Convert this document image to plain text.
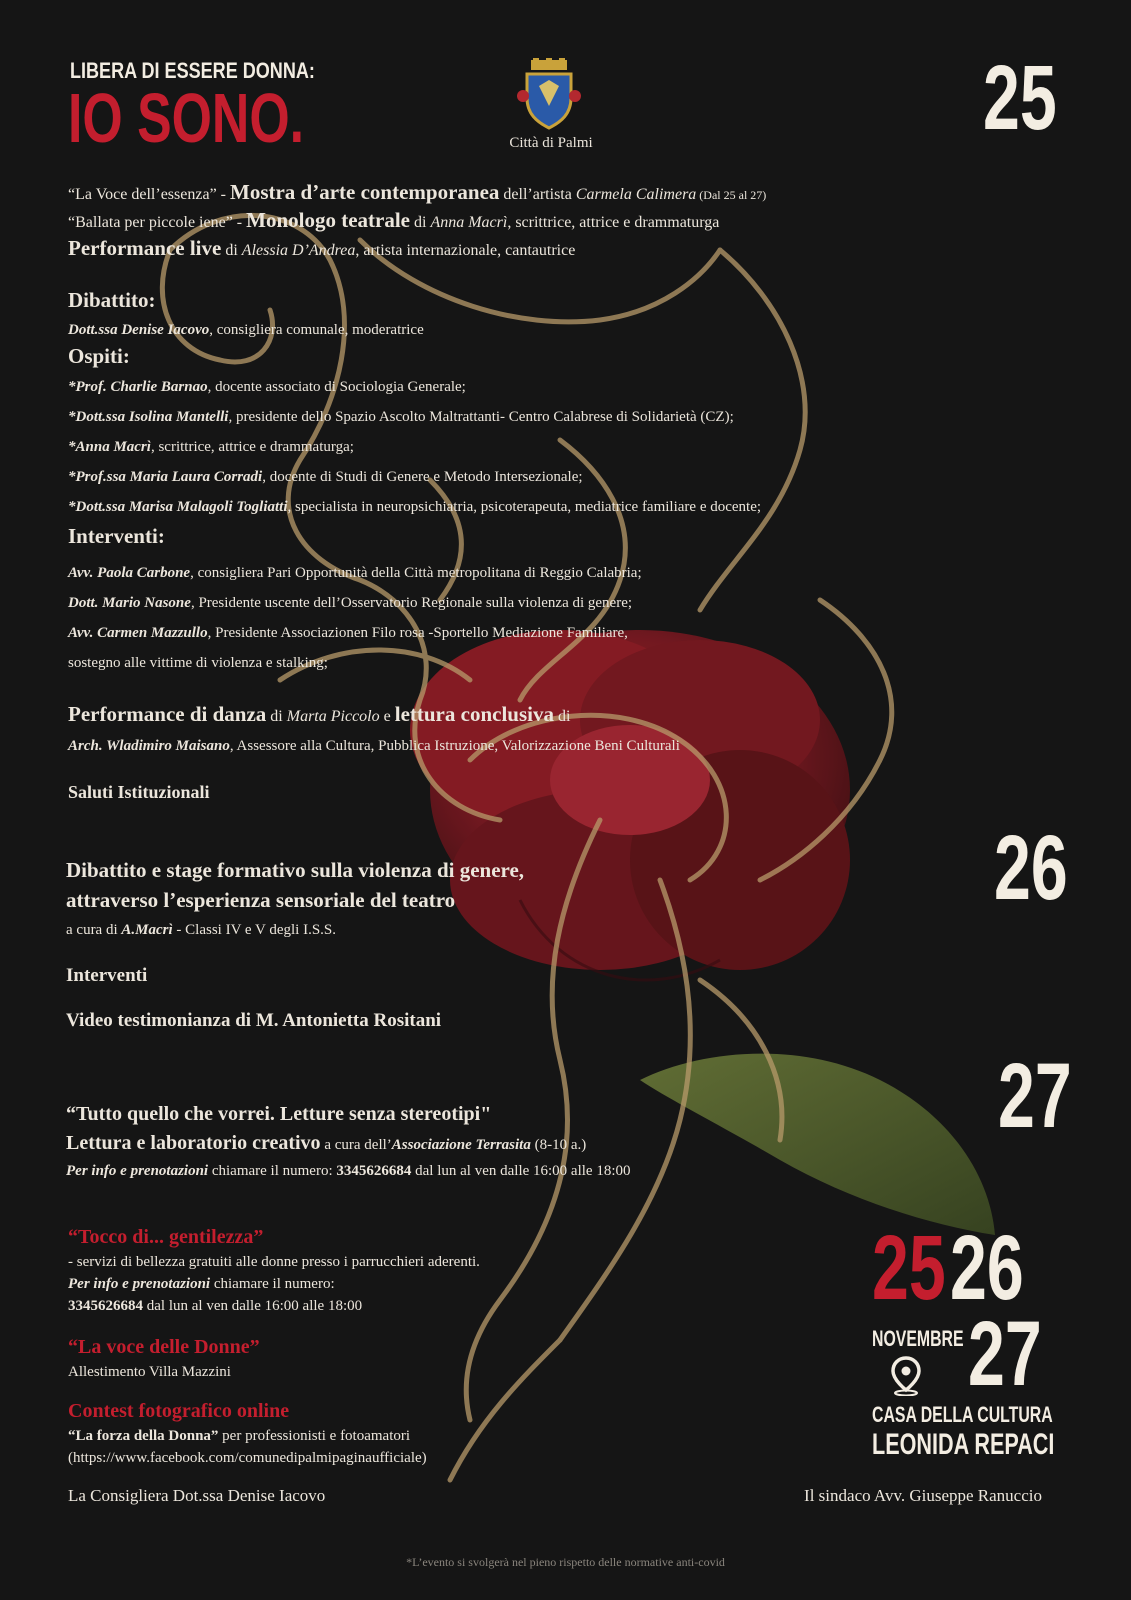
LIBERA DI ESSERE DONNA:
IO SONO.	Città di Palmi	25
26
27
“La Voce dell’essenza” - Mostra d’arte contemporanea dell’artista Carmela Calimera (Dal 25 al 27)
“Ballata per piccole iene” - Monologo teatrale di Anna Macrì, scrittrice, attrice e drammaturga
Performance live di Alessia D’Andrea, artista internazionale, cantautrice
Dibattito:
Dott.ssa Denise Iacovo, consigliera comunale, moderatrice
Ospiti:
*Prof. Charlie Barnao, docente associato di Sociologia Generale;
*Dott.ssa Isolina Mantelli, presidente dello Spazio Ascolto Maltrattanti- Centro Calabrese di Solidarietà (CZ);
*Anna Macrì, scrittrice, attrice e drammaturga;
*Prof.ssa Maria Laura Corradi, docente di Studi di Genere e Metodo Intersezionale;
*Dott.ssa Marisa Malagoli Togliatti, specialista in neuropsichiatria, psicoterapeuta, mediatrice familiare e docente;
Interventi:
Avv. Paola Carbone, consigliera Pari Opportunità della Città metropolitana di Reggio Calabria;
Dott. Mario Nasone, Presidente uscente dell’Osservatorio Regionale sulla violenza di genere;
Avv. Carmen Mazzullo, Presidente Associazionen Filo rosa -Sportello Mediazione Familiare,
sostegno alle vittime di violenza e stalking;
Performance di danza di Marta Piccolo e lettura conclusiva di
Arch. Wladimiro Maisano, Assessore alla Cultura, Pubblica Istruzione, Valorizzazione Beni Culturali
Saluti Istituzionali
Dibattito e stage formativo sulla violenza di genere,
attraverso l’esperienza sensoriale del teatro
a cura di A.Macrì - Classi IV e V degli I.S.S.
Interventi
Video testimonianza di M. Antonietta Rositani
“Tutto quello che vorrei. Letture senza stereotipi"
Lettura e laboratorio creativo a cura dell’Associazione Terrasita (8-10 a.)
Per info e prenotazioni chiamare il numero: 3345626684 dal lun al ven dalle 16:00 alle 18:00
“Tocco di... gentilezza”
- servizi di bellezza gratuiti alle donne presso i parrucchieri aderenti.
Per info e prenotazioni chiamare il numero:
3345626684 dal lun al ven dalle 16:00 alle 18:00
“La voce delle Donne”
Allestimento Villa Mazzini
Contest fotografico online
“La forza della Donna” per professionisti e fotoamatori
(https://www.facebook.com/comunedipalmipaginaufficiale)
25 26
NOVEMBRE 27
CASA DELLA CULTURA
LEONIDA REPACI
La Consigliera Dot.ssa Denise Iacovo	Il sindaco Avv. Giuseppe Ranuccio
*L’evento si svolgerà nel pieno rispetto delle normative anti-covid
